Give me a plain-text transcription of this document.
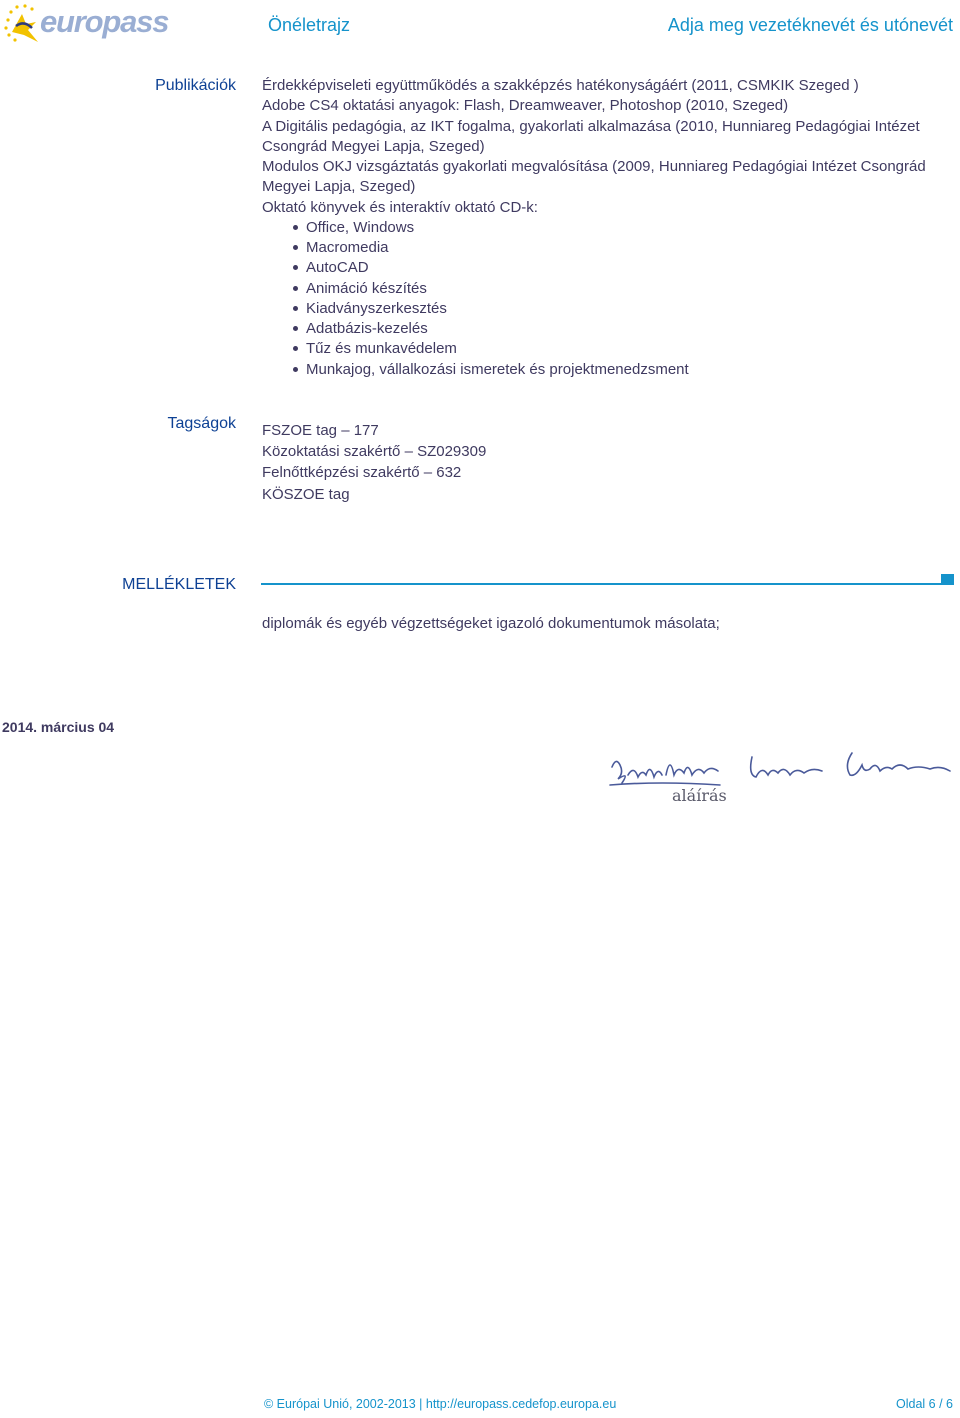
europass	Önéletrajz	Adja meg vezetéknevét és utónevét
Publikációk Érdekképviseleti együttműködés a szakképzés hatékonyságáért (2011, CSMKIK Szeged )
Adobe CS4 oktatási anyagok: Flash, Dreamweaver, Photoshop (2010, Szeged)
A Digitális pedagógia, az IKT fogalma, gyakorlati alkalmazása (2010, Hunniareg Pedagógiai Intézet Csongrád Megyei Lapja, Szeged)
Modulos OKJ vizsgáztatás gyakorlati megvalósítása (2009, Hunniareg Pedagógiai Intézet Csongrád Megyei Lapja, Szeged)
Oktató könyvek és interaktív oktató CD-k:
Office, Windows
Macromedia
AutoCAD
Animáció készítés
Kiadványszerkesztés
Adatbázis-kezelés
Tűz és munkavédelem
Munkajog, vállalkozási ismeretek és projektmenedzsment
Tagságok FSZOE tag – 177
Közoktatási szakértő – SZ029309
Felnőttképzési szakértő – 632
KÖSZOE tag
MELLÉKLETEK
diplomák és egyéb végzettségeket igazoló dokumentumok másolata;
2014. március 04
aláírás
© Európai Unió, 2002-2013 | http://europass.cedefop.europa.eu	Oldal 6 / 6
